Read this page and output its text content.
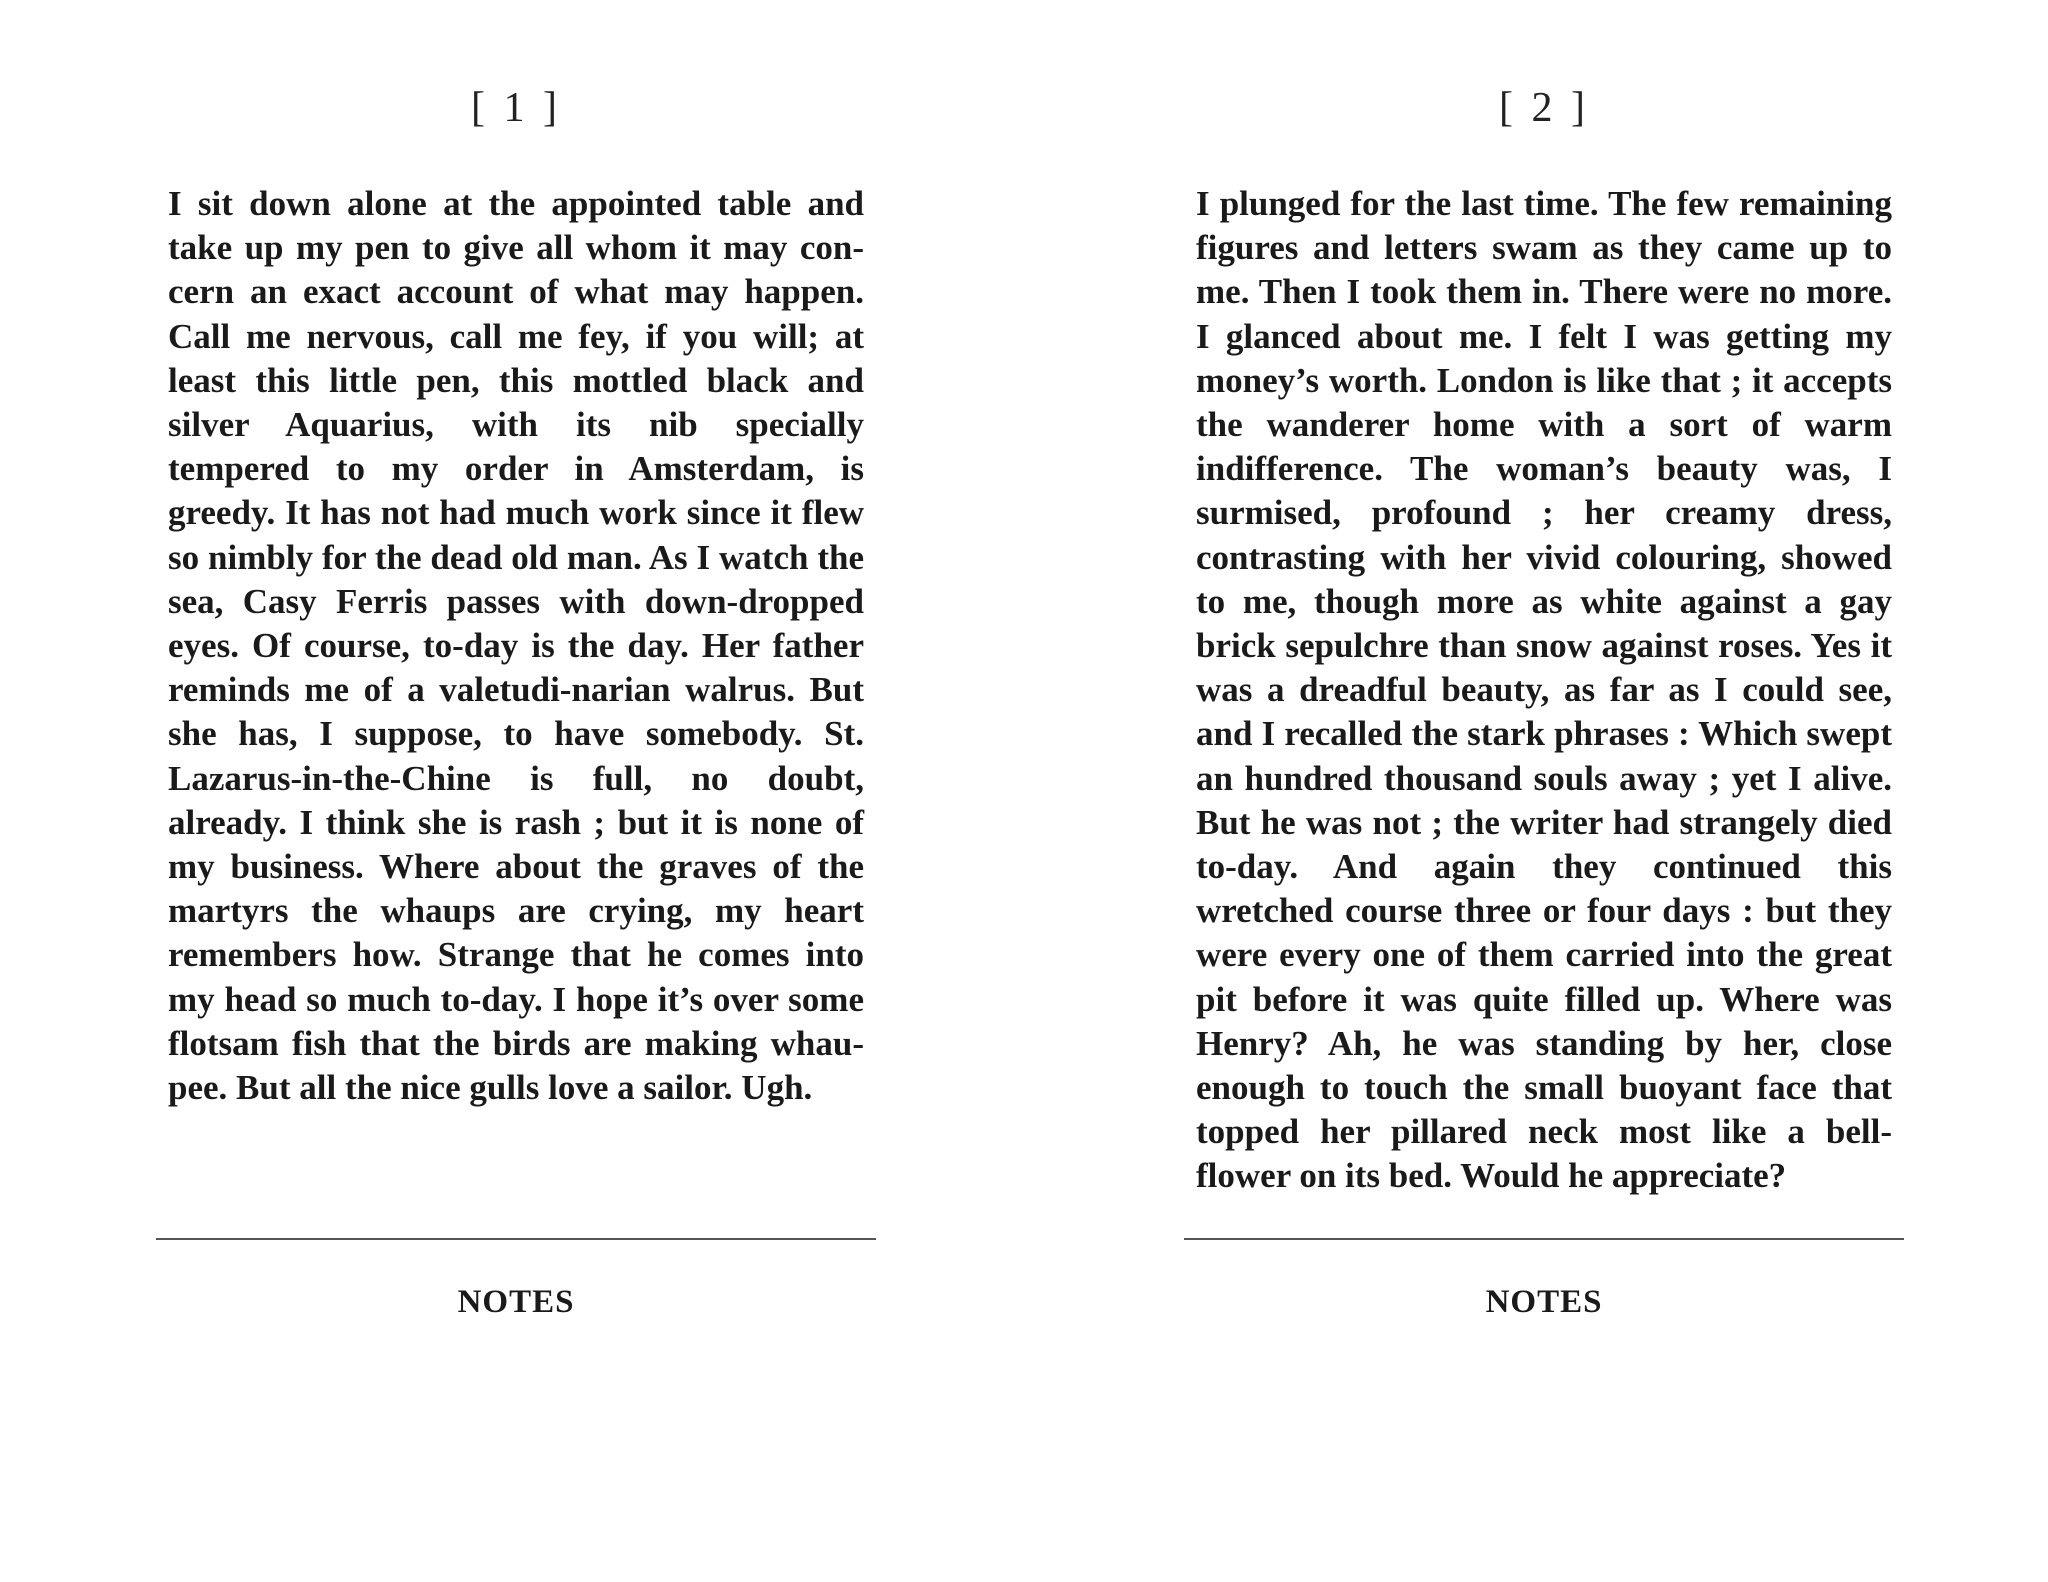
[ 1 ]

I sit down alone at the appointed table and take up my pen to give all whom it may con- cern an exact account of what may happen. Call me nervous, call me fey, if you will; at least this little pen, this mottled black and silver Aquarius, with its nib specially tempered to my order in Amsterdam, is greedy. It has not had much work since it flew so nimbly for the dead old man. As I watch the sea, Casy Ferris passes with down-dropped eyes. Of course, to-day is the day. Her father reminds me of a valetudi-narian walrus. But she has, I suppose, to have somebody. St. Lazarus-in-the-Chine is full, no doubt, already. I think she is rash ; but it is none of my business. Where about the graves of the martyrs the whaups are crying, my heart remembers how. Strange that he comes into my head so much to-day. I hope it’s over some flotsam fish that the birds are making whau-pee. But all the nice gulls love a sailor. Ugh.

NOTES
[ 2 ]

I plunged for the last time. The few remaining figures and letters swam as they came up to me. Then I took them in. There were no more. I glanced about me. I felt I was getting my money’s worth. London is like that ; it accepts the wanderer home with a sort of warm indifference. The woman’s beauty was, I surmised, profound ; her creamy dress, contrasting with her vivid colouring, showed to me, though more as white against a gay brick sepulchre than snow against roses. Yes it was a dreadful beauty, as far as I could see, and I recalled the stark phrases : Which swept an hundred thousand souls away ; yet I alive. But he was not ; the writer had strangely died to-day. And again they continued this wretched course three or four days : but they were every one of them carried into the great pit before it was quite filled up. Where was Henry? Ah, he was standing by her, close enough to touch the small buoyant face that topped her pillared neck most like a bell-flower on its bed. Would he appreciate?

NOTES
